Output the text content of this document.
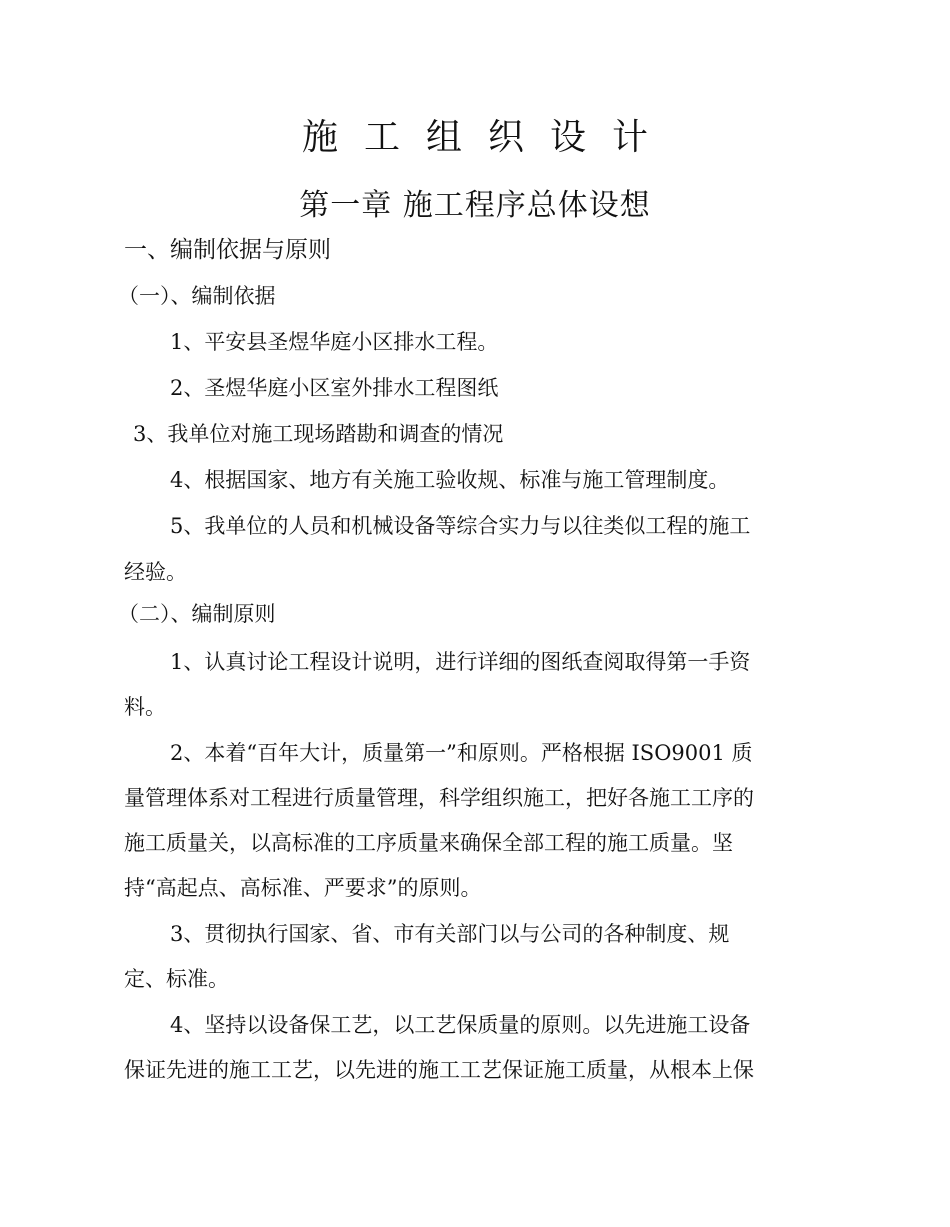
施工组织设计
第一章 施工程序总体设想
一、编制依据与原则
（一）、编制依据
1、平安县圣煜华庭小区排水工程。
2、圣煜华庭小区室外排水工程图纸
3、我单位对施工现场踏勘和调查的情况
4、根据国家、地方有关施工验收规、标准与施工管理制度。
5、我单位的人员和机械设备等综合实力与以往类似工程的施工
经验。
（二）、编制原则
1、认真讨论工程设计说明，进行详细的图纸查阅取得第一手资
料。
2、本着“百年大计，质量第一”和原则。严格根据 ISO9001 质
量管理体系对工程进行质量管理，科学组织施工，把好各施工工序的
施工质量关，以高标准的工序质量来确保全部工程的施工质量。坚
持“高起点、高标准、严要求”的原则。
3、贯彻执行国家、省、市有关部门以与公司的各种制度、规
定、标准。
4、坚持以设备保工艺，以工艺保质量的原则。以先进施工设备
保证先进的施工工艺，以先进的施工工艺保证施工质量，从根本上保
